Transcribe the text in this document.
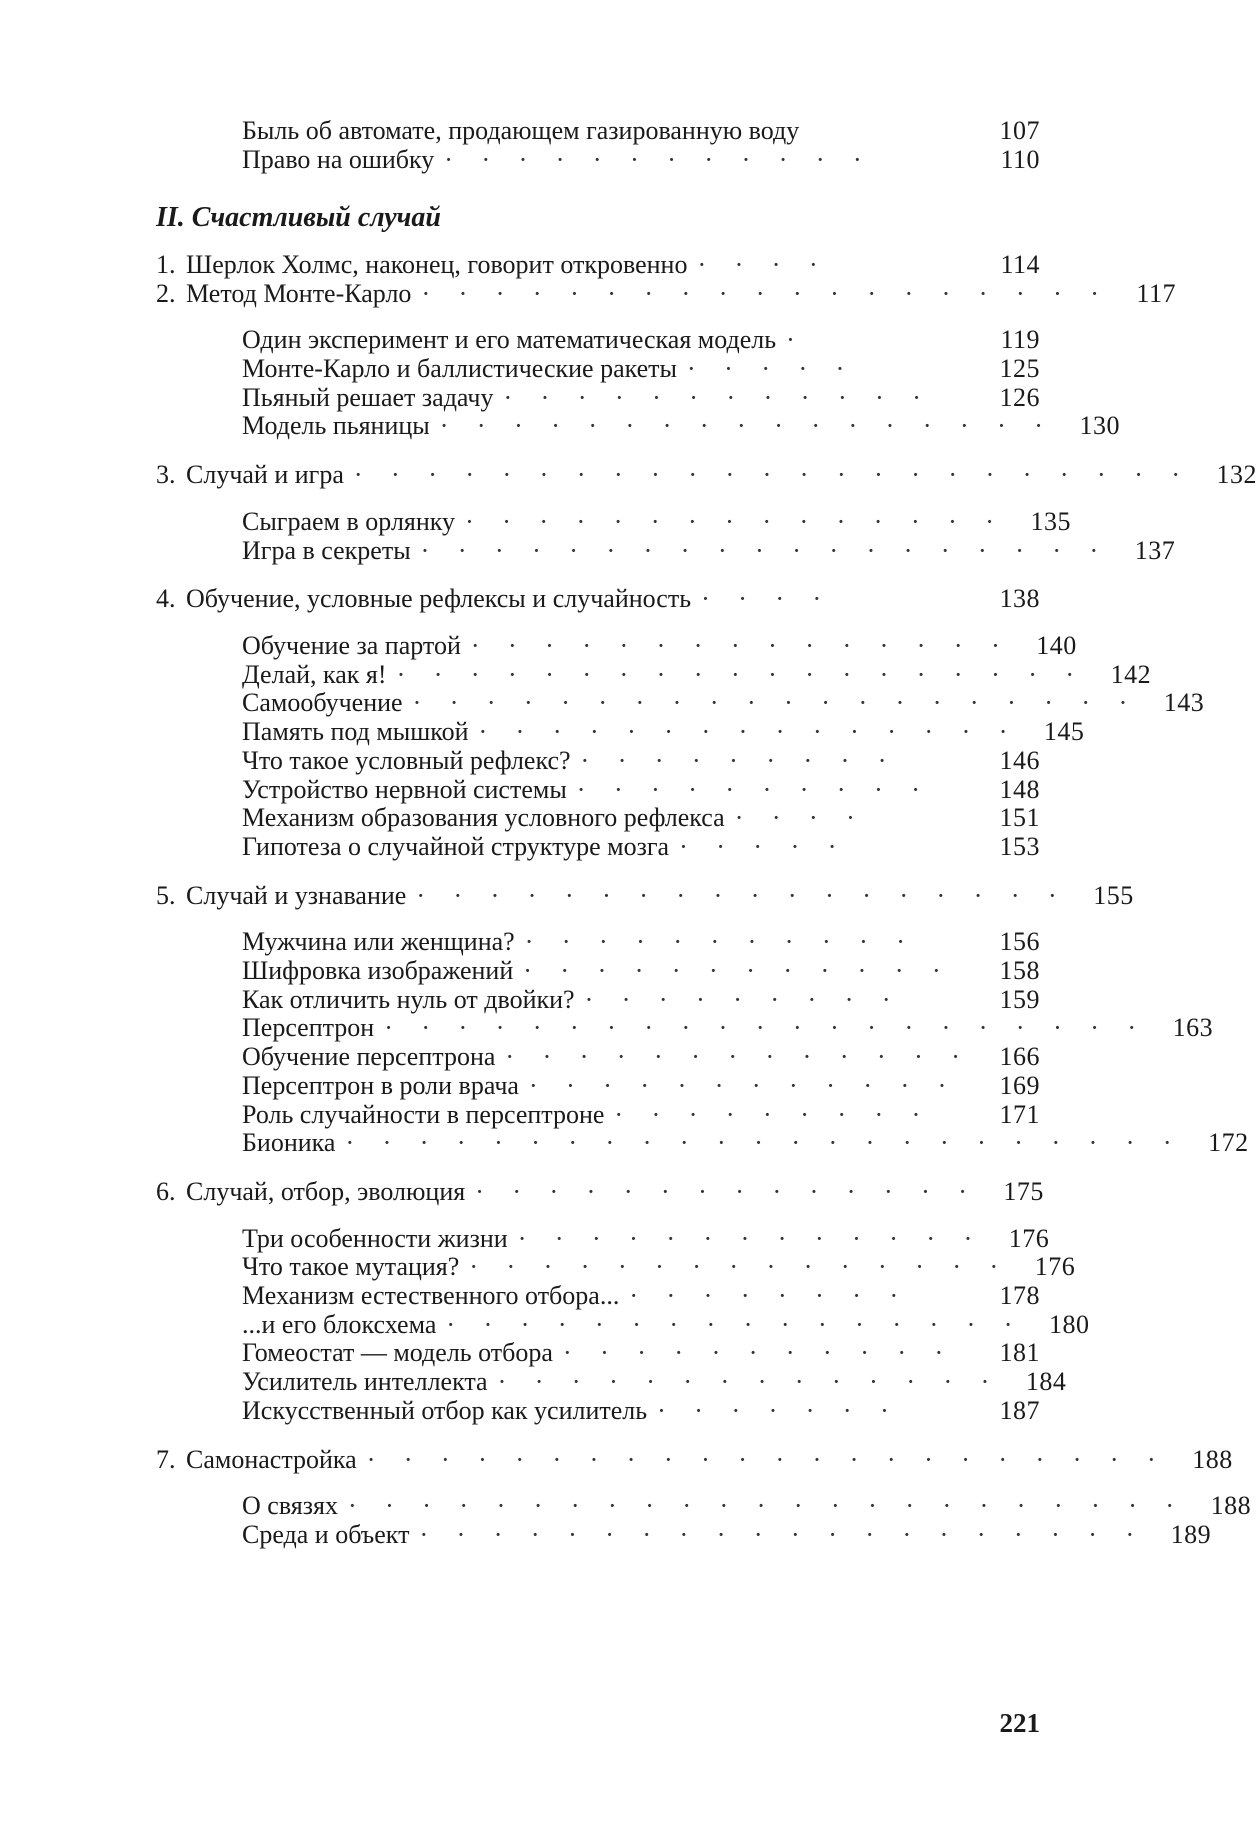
Быль об автомате, продающем газированную воду	107
Право на ошибку · · · · · · · · · · · ·	110
1. Шерлок Холмс, наконец, говорит откровенно · · · ·	114
2. Метод Монте-Карло · · · · · · · · · · · · · · · · · · ·	117
Один эксперимент и его математическая модель ·	119
Монте-Карло и баллистические ракеты · · · · ·	125
Пьяный решает задачу · · · · · · · · · · · ·	126
Модель пьяницы · · · · · · · · · · · · · · · · · 130
3. Случай и игра · · · · · · · · · · · · · · · · · · · · · · · 132
Сыграем в орлянку · · · · · · · · · · · · · · · 135
Игра в секреты · · · · · · · · · · · · · · · · · · · 137
4. Обучение, условные рефлексы и случайность · · · ·	138
Обучение за партой · · · · · · · · · · · · · · · 140
Делай, как я! · · · · · · · · · · · · · · · · · · · 142
Самообучение · · · · · · · · · · · · · · · · · · · · 143
Память под мышкой · · · · · · · · · · · · · · · 145
Что такое условный рефлекс? · · · · · · · · ·	146
Устройство нервной системы · · · · · · · · · ·	148
Механизм образования условного рефлекса · · · ·	151
Гипотеза о случайной структуре мозга · · · · ·	153
5. Случай и узнавание · · · · · · · · · · · · · · · · · · 155
Мужчина или женщина? · · · · · · · · · · ·	156
Шифровка изображений · · · · · · · · · · · ·	158
Как отличить нуль от двойки? · · · · · · · · ·	159
Персептрон · · · · · · · · · · · · · · · · · · · · · 163
Обучение персептрона · · · · · · · · · · · · ·	166
Персептрон в роли врача · · · · · · · · · · · ·	169
Роль случайности в персептроне · · · · · · · · ·	171
Бионика · · · · · · · · · · · · · · · · · · · · · · · 172
6. Случай, отбор, эволюция · · · · · · · · · · · · · · 175
Три особенности жизни · · · · · · · · · · · · · 176
Что такое мутация? · · · · · · · · · · · · · · · 176
Механизм естественного отбора... · · · · · · · ·	178
...и его блоксхема · · · · · · · · · · · · · · · · 180
Гомеостат — модель отбора · · · · · · · · · · ·	181
Усилитель интеллекта · · · · · · · · · · · · · · 184
Искусственный отбор как усилитель · · · · · · ·	187
7. Самонастройка · · · · · · · · · · · · · · · · · · · · · · 188
О связях · · · · · · · · · · · · · · · · · · · · · · · 188
Среда и объект · · · · · · · · · · · · · · · · · · · · 189
II. Счастливый случай
221
